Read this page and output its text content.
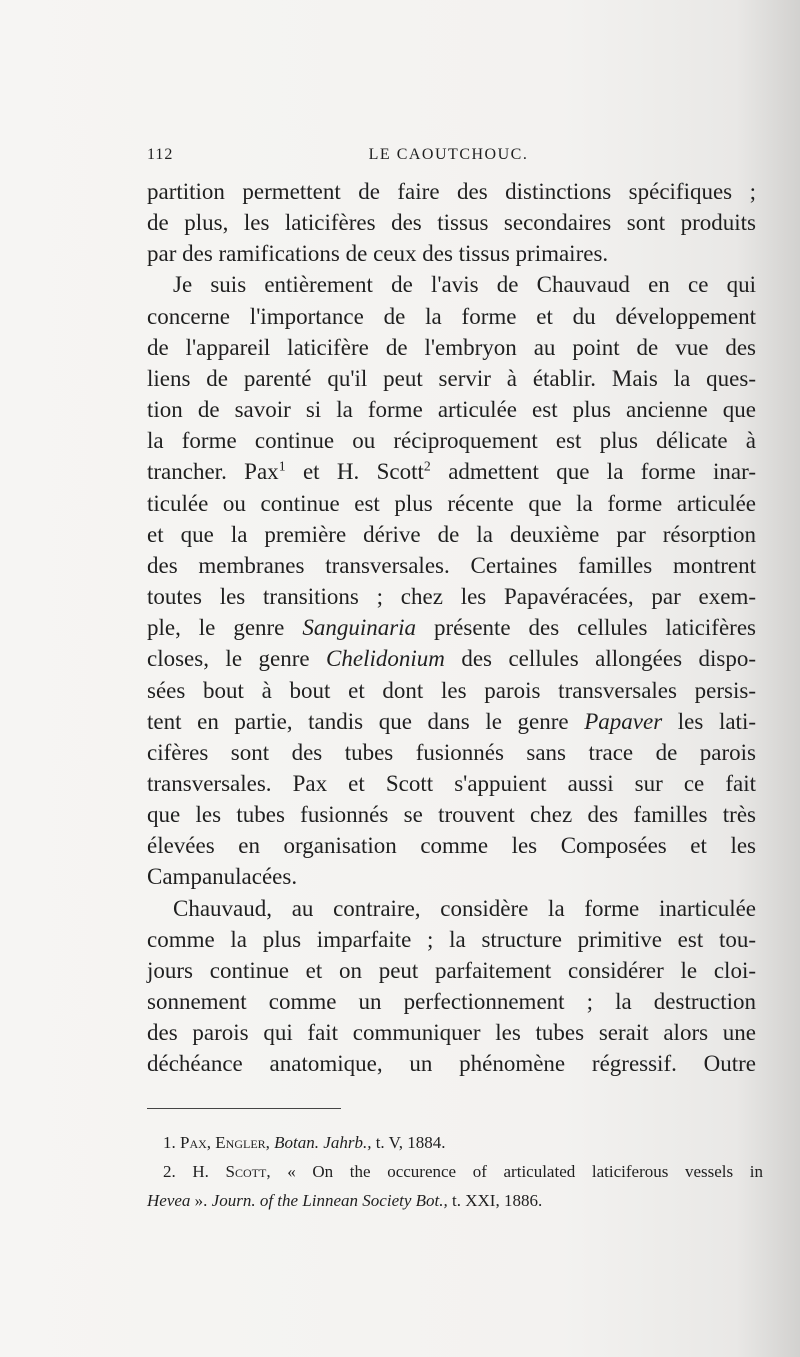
112	LE CAOUTCHOUC.
partition permettent de faire des distinctions spécifiques ;
de plus, les laticifères des tissus secondaires sont produits
par des ramifications de ceux des tissus primaires.
Je suis entièrement de l'avis de Chauvaud en ce qui
concerne l'importance de la forme et du développement
de l'appareil laticifère de l'embryon au point de vue des
liens de parenté qu'il peut servir à établir. Mais la ques-
tion de savoir si la forme articulée est plus ancienne que
la forme continue ou réciproquement est plus délicate à
trancher. Pax$^1$ et H. Scott$^2$ admettent que la forme inar-
ticulée ou continue est plus récente que la forme articulée
et que la première dérive de la deuxième par résorption
des membranes transversales. Certaines familles montrent
toutes les transitions ; chez les Papavéracées, par exem-
ple, le genre Sanguinaria présente des cellules laticifères
closes, le genre Chelidonium des cellules allongées dispo-
sées bout à bout et dont les parois transversales persis-
tent en partie, tandis que dans le genre Papaver les lati-
cifères sont des tubes fusionnés sans trace de parois
transversales. Pax et Scott s'appuient aussi sur ce fait
que les tubes fusionnés se trouvent chez des familles très
élevées en organisation comme les Composées et les
Campanulacées.
Chauvaud, au contraire, considère la forme inarticulée
comme la plus imparfaite ; la structure primitive est tou-
jours continue et on peut parfaitement considérer le cloi-
sonnement comme un perfectionnement ; la destruction
des parois qui fait communiquer les tubes serait alors une
déchéance anatomique, un phénomène régressif. Outre
1. Pax, Engler, Botan. Jahrb., t. V, 1884.
2. H. Scott, « On the occurence of articulated laticiferous vessels in
Hevea ». Journ. of the Linnean Society Bot., t. XXI, 1886.
